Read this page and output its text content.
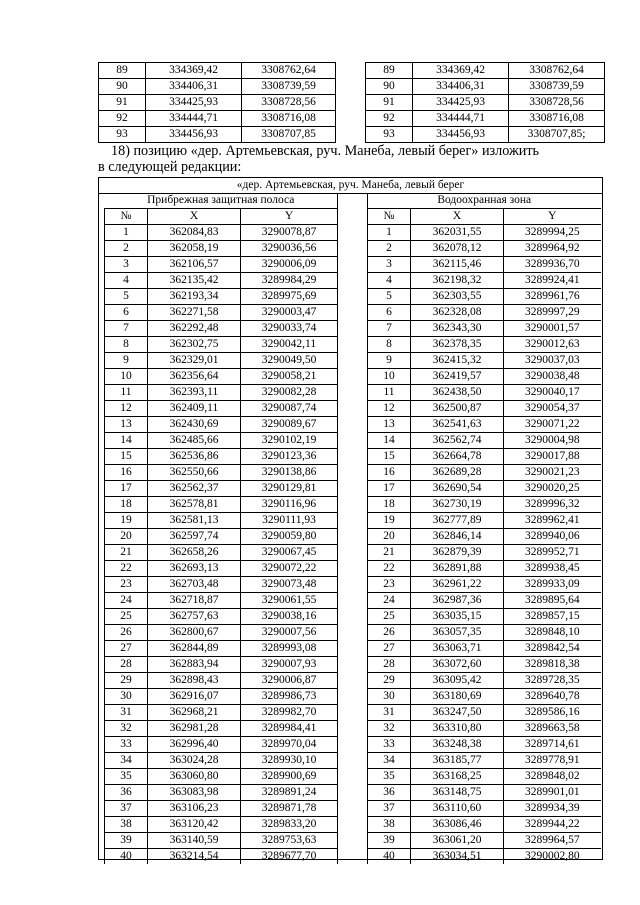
89	334369,42	3308762,64
90	334406,31	3308739,59
91	334425,93	3308728,56
92	334444,71	3308716,08
93	334456,93	3308707,85
89	334369,42	3308762,64
90	334406,31	3308739,59
91	334425,93	3308728,56
92	334444,71	3308716,08
93	334456,93	3308707,85;
18) позицию «дер. Артемьевская, руч. Манеба, левый берег» изложить
в следующей редакции:
«дер. Артемьевская, руч. Манеба, левый берег
Прибрежная защитная полоса		
№	X	Y
1	362084,83	3290078,87
2	362058,19	3290036,56
3	362106,57	3290006,09
4	362135,42	3289984,29
5	362193,34	3289975,69
6	362271,58	3290003,47
7	362292,48	3290033,74
8	362302,75	3290042,11
9	362329,01	3290049,50
10	362356,64	3290058,21
11	362393,11	3290082,28
12	362409,11	3290087,74
13	362430,69	3290089,67
14	362485,66	3290102,19
15	362536,86	3290123,36
16	362550,66	3290138,86
17	362562,37	3290129,81
18	362578,81	3290116,96
19	362581,13	3290111,93
20	362597,74	3290059,80
21	362658,26	3290067,45
22	362693,13	3290072,22
23	362703,48	3290073,48
24	362718,87	3290061,55
25	362757,63	3290038,16
26	362800,67	3290007,56
27	362844,89	3289993,08
28	362883,94	3290007,93
29	362898,43	3290006,87
30	362916,07	3289986,73
31	362968,21	3289982,70
32	362981,28	3289984,41
33	362996,40	3289970,04
34	363024,28	3289930,10
35	363060,80	3289900,69
36	363083,98	3289891,24
37	363106,23	3289871,78
38	363120,42	3289833,20
39	363140,59	3289753,63
40	363214,54	3289677,70
Водоохранная зона		
№	X	Y
1	362031,55	3289994,25
2	362078,12	3289964,92
3	362115,46	3289936,70
4	362198,32	3289924,41
5	362303,55	3289961,76
6	362328,08	3289997,29
7	362343,30	3290001,57
8	362378,35	3290012,63
9	362415,32	3290037,03
10	362419,57	3290038,48
11	362438,50	3290040,17
12	362500,87	3290054,37
13	362541,63	3290071,22
14	362562,74	3290004,98
15	362664,78	3290017,88
16	362689,28	3290021,23
17	362690,54	3290020,25
18	362730,19	3289996,32
19	362777,89	3289962,41
20	362846,14	3289940,06
21	362879,39	3289952,71
22	362891,88	3289938,45
23	362961,22	3289933,09
24	362987,36	3289895,64
25	363035,15	3289857,15
26	363057,35	3289848,10
27	363063,71	3289842,54
28	363072,60	3289818,38
29	363095,42	3289728,35
30	363180,69	3289640,78
31	363247,50	3289586,16
32	363310,80	3289663,58
33	363248,38	3289714,61
34	363185,77	3289778,91
35	363168,25	3289848,02
36	363148,75	3289901,01
37	363110,60	3289934,39
38	363086,46	3289944,22
39	363061,20	3289964,57
40	363034,51	3290002,80
